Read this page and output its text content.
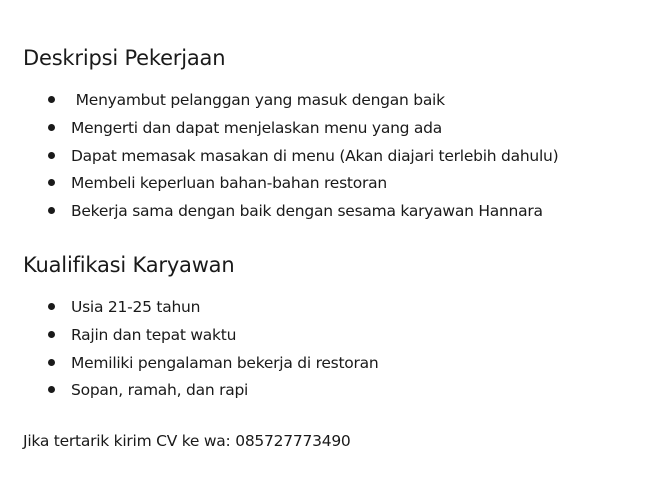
Deskripsi Pekerjaan
Menyambut pelanggan yang masuk dengan baik
Mengerti dan dapat menjelaskan menu yang ada
Dapat memasak masakan di menu (Akan diajari terlebih dahulu)
Membeli keperluan bahan-bahan restoran
Bekerja sama dengan baik dengan sesama karyawan Hannara
Kualifikasi Karyawan
Usia 21-25 tahun
Rajin dan tepat waktu
Memiliki pengalaman bekerja di restoran
Sopan, ramah, dan rapi

Jika tertarik kirim CV ke wa: 085727773490
